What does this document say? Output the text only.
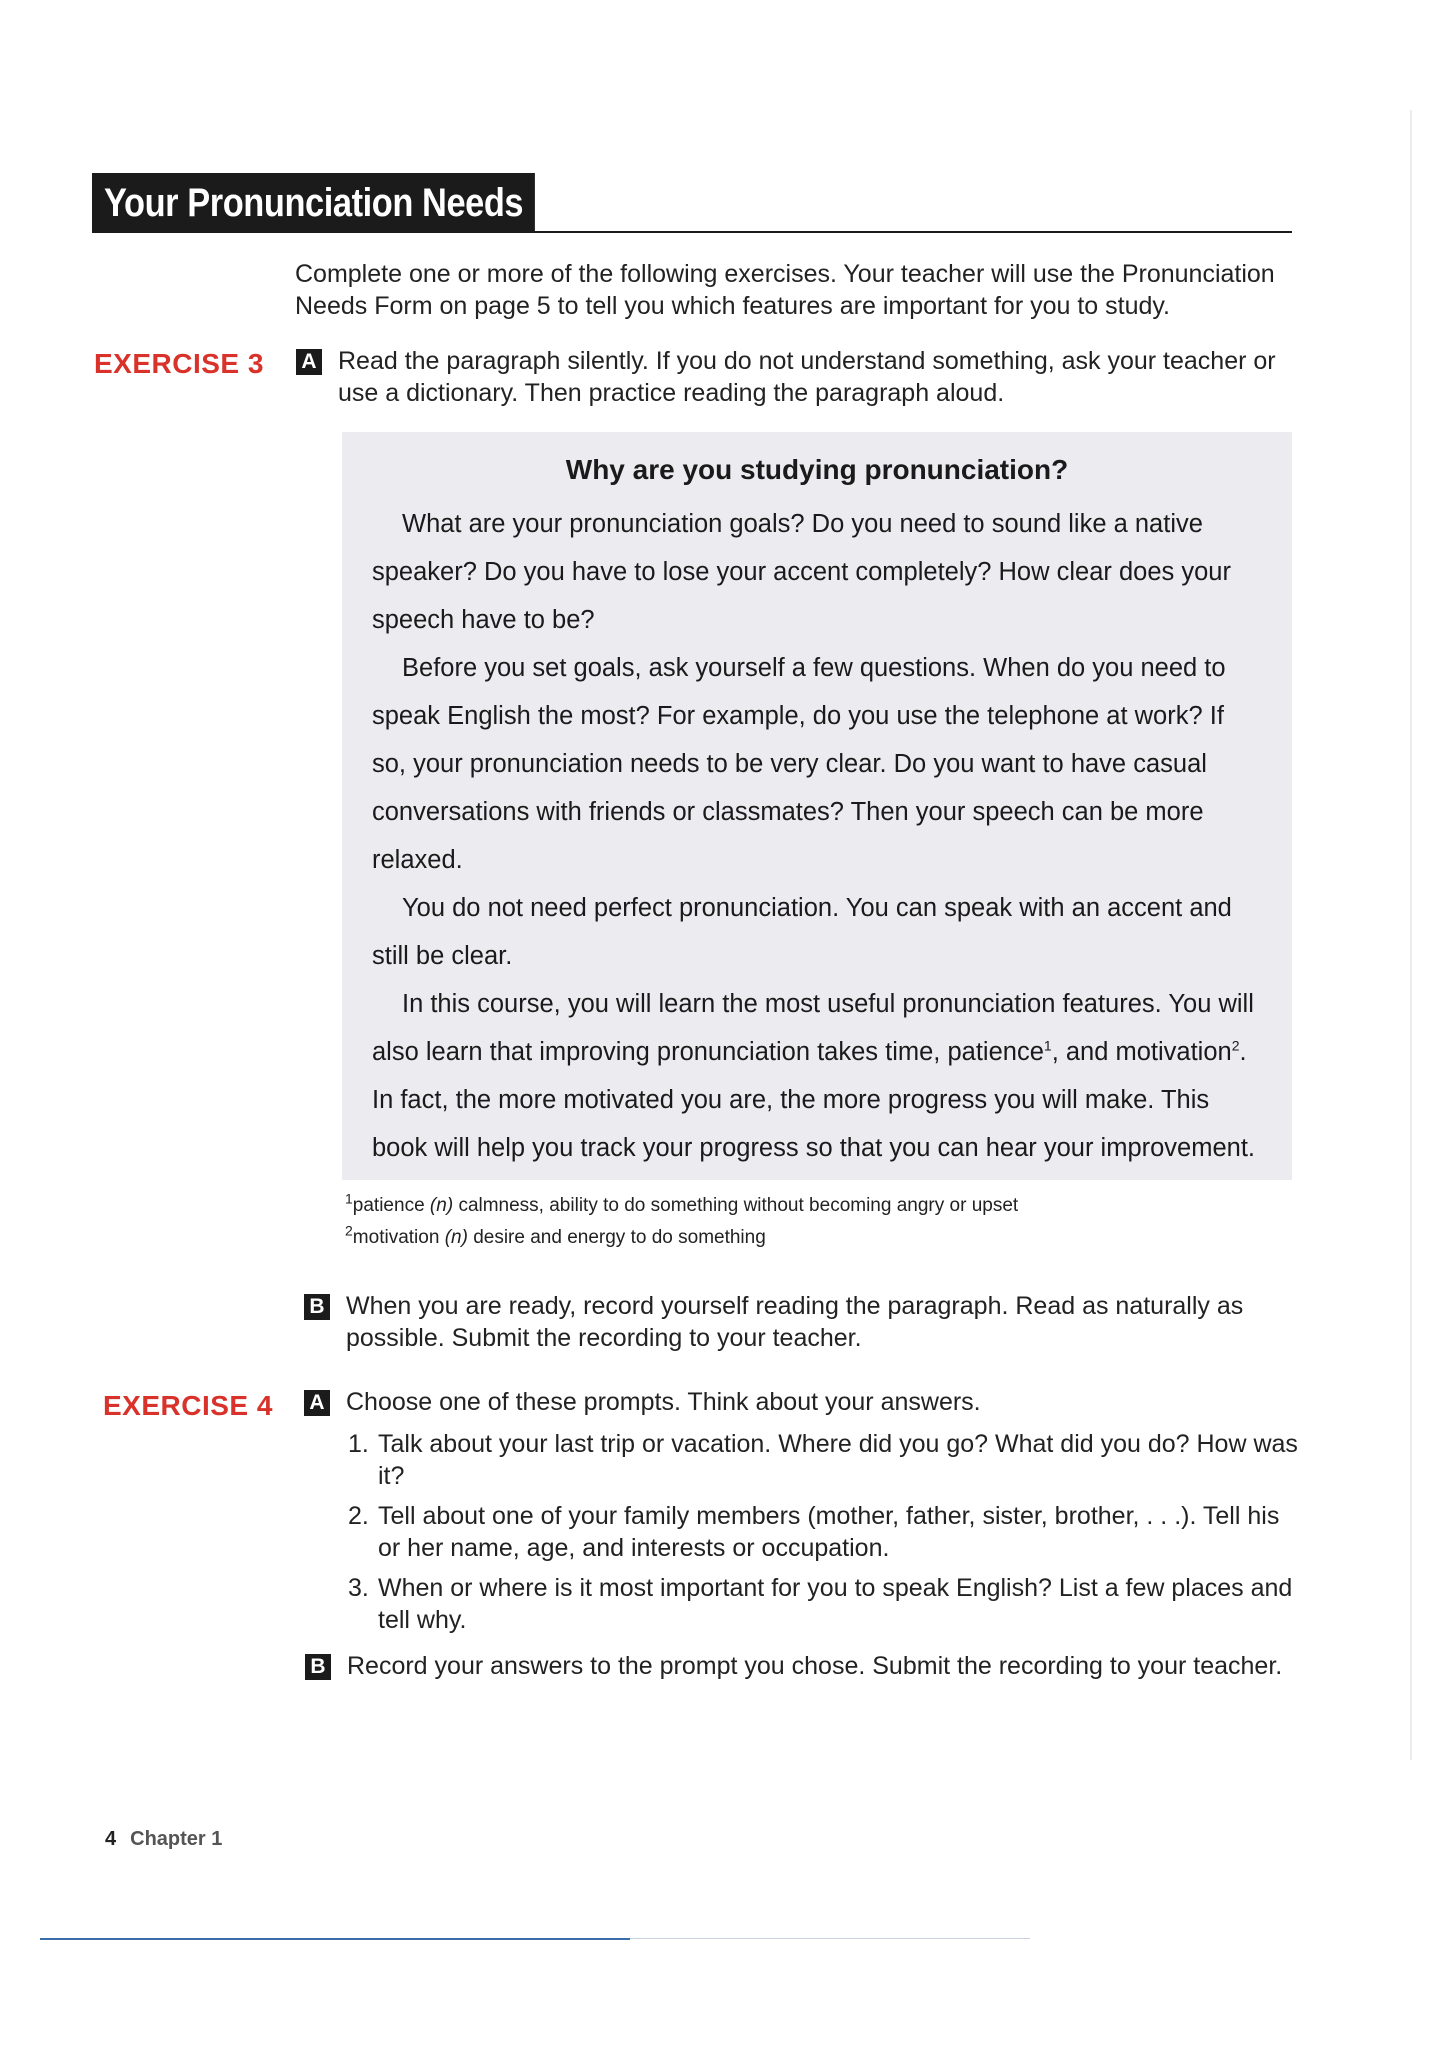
Your Pronunciation Needs
Complete one or more of the following exercises. Your teacher will use the Pronunciation Needs Form on page 5 to tell you which features are important for you to study.
EXERCISE 3 A Read the paragraph silently. If you do not understand something, ask your teacher or use a dictionary. Then practice reading the paragraph aloud.

Why are you studying pronunciation?

What are your pronunciation goals? Do you need to sound like a native speaker? Do you have to lose your accent completely? How clear does your speech have to be?

Before you set goals, ask yourself a few questions. When do you need to speak English the most? For example, do you use the telephone at work? If so, your pronunciation needs to be very clear. Do you want to have casual conversations with friends or classmates? Then your speech can be more relaxed.

You do not need perfect pronunciation. You can speak with an accent and still be clear.

In this course, you will learn the most useful pronunciation features. You will also learn that improving pronunciation takes time, patience$^1$, and motivation$^2$. In fact, the more motivated you are, the more progress you will make. This book will help you track your progress so that you can hear your improvement.

$^1$patience (n) calmness, ability to do something without becoming angry or upset
$^2$motivation (n) desire and energy to do something
B When you are ready, record yourself reading the paragraph. Read as naturally as possible. Submit the recording to your teacher.
EXERCISE 4 A Choose one of these prompts. Think about your answers.
1. Talk about your last trip or vacation. Where did you go? What did you do? How was it?
2. Tell about one of your family members (mother, father, sister, brother, . . .). Tell his or her name, age, and interests or occupation.
3. When or where is it most important for you to speak English? List a few places and tell why.
B Record your answers to the prompt you chose. Submit the recording to your teacher.
4 Chapter 1
